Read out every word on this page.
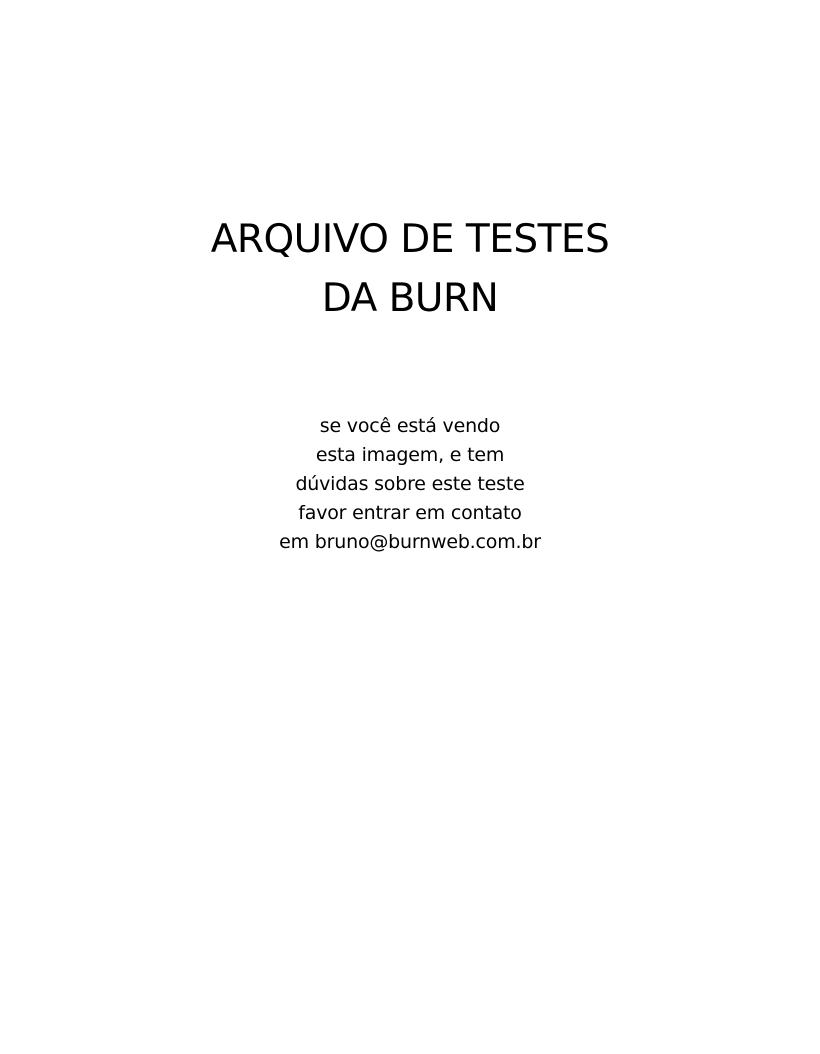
ARQUIVO DE TESTES
DA BURN

se você está vendo
esta imagem, e tem
dúvidas sobre este teste
favor entrar em contato
em bruno@burnweb.com.br
